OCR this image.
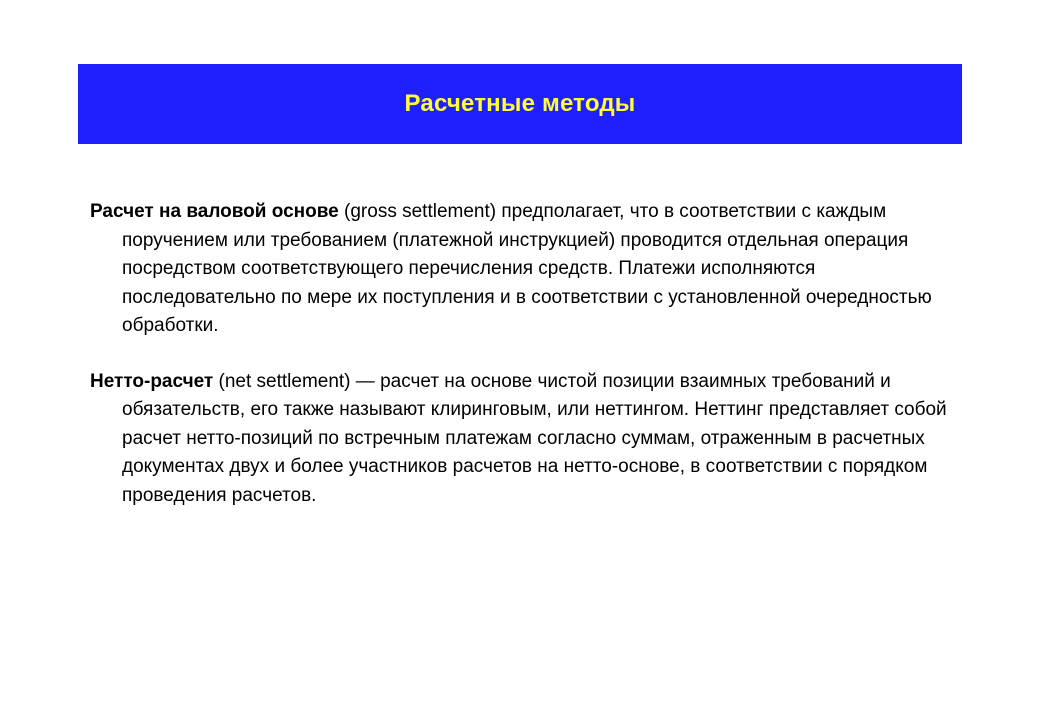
Расчетные методы

Расчет на валовой основе (gross settlement) предполагает, что в соответствии с каждым поручением или требованием (платежной инструкцией) проводится отдельная операция посредством соответствующего перечисления средств. Платежи исполняются последовательно по мере их поступления и в соответствии с установленной очередностью обработки.

Нетто-расчет (net settlement) — расчет на основе чистой позиции взаимных требований и обязательств, его также называют клиринговым, или неттингом. Неттинг представляет собой расчет нетто-позиций по встречным платежам согласно суммам, отраженным в расчетных документах двух и более участников расчетов на нетто-основе, в соответствии с порядком проведения расчетов.
